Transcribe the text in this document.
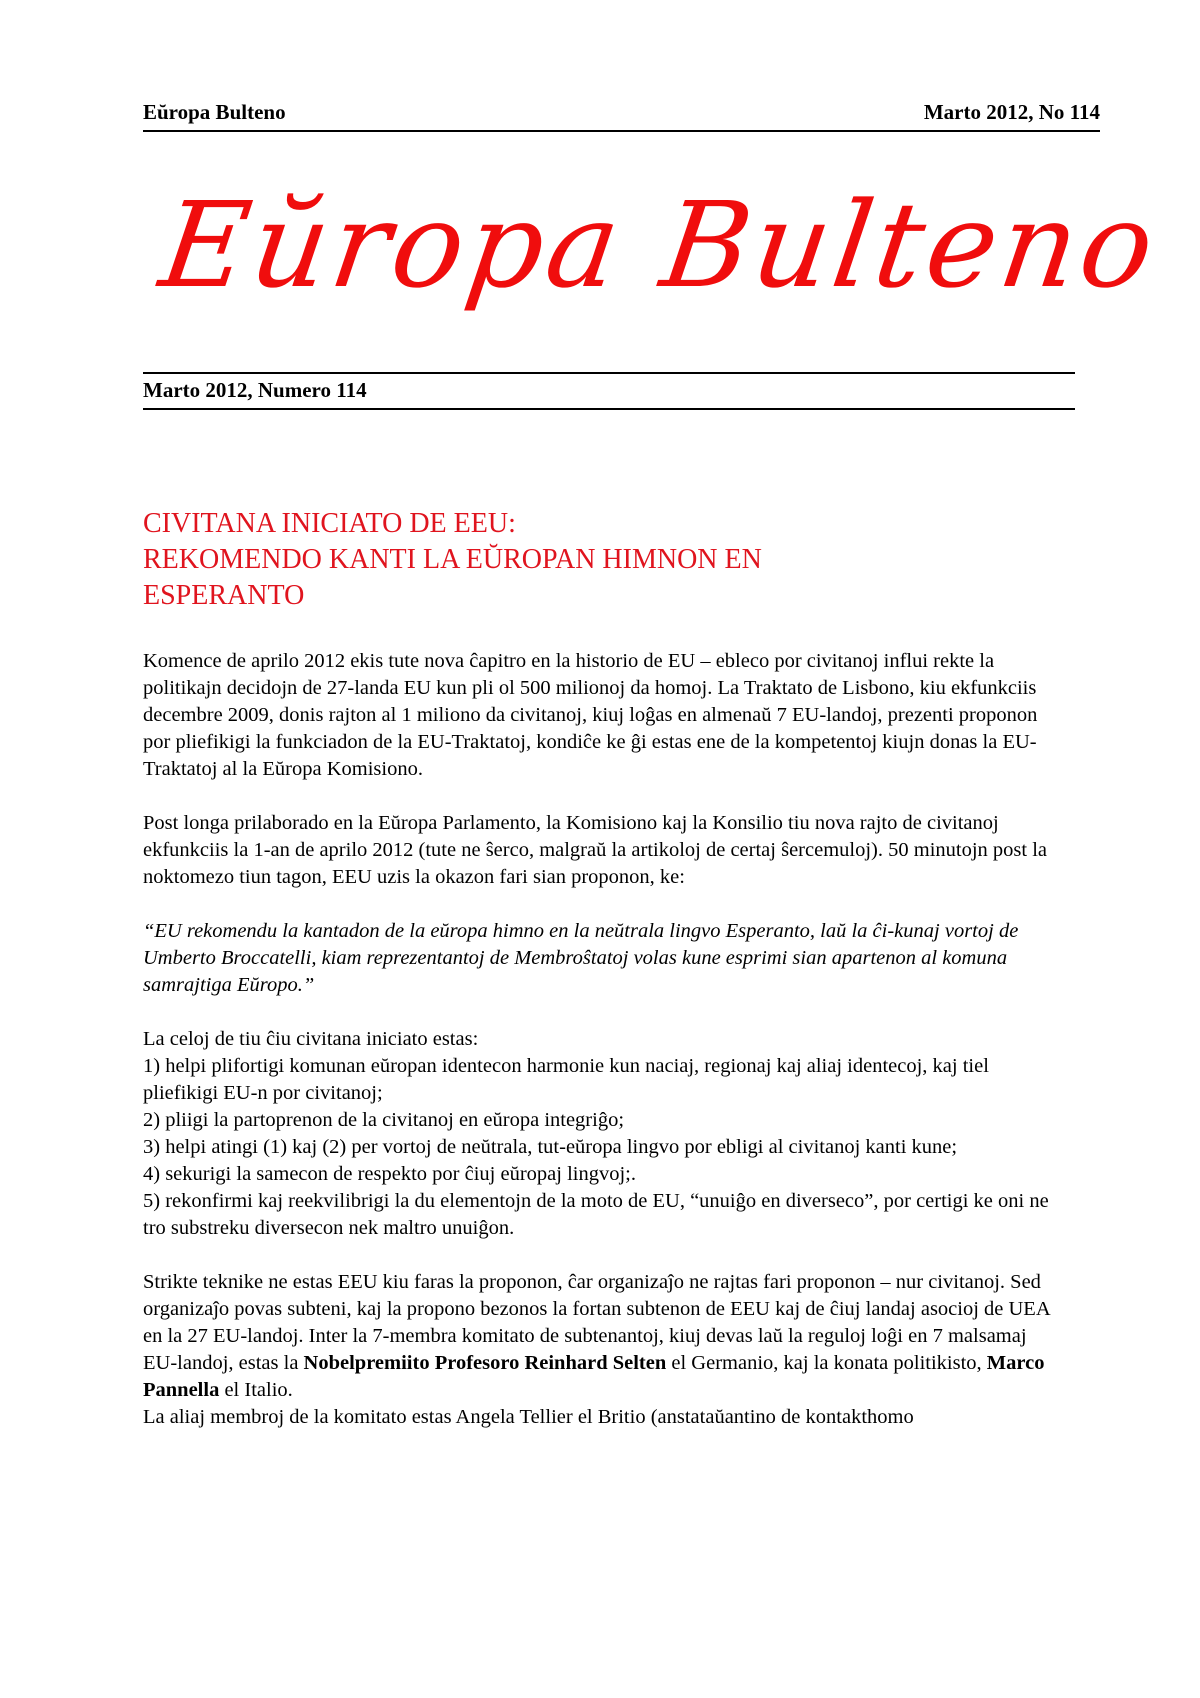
Eŭropa Bulteno	Marto 2012, No 114
Eŭropa Bulteno
Marto 2012, Numero 114
CIVITANA INICIATO DE EEU:
REKOMENDO KANTI LA EŬROPAN HIMNON EN
ESPERANTO

Komence de aprilo 2012 ekis tute nova ĉapitro en la historio de EU – ebleco por civitanoj influi rekte la politikajn decidojn de 27-landa EU kun pli ol 500 milionoj da homoj. La Traktato de Lisbono, kiu ekfunkciis decembre 2009, donis rajton al 1 miliono da civitanoj, kiuj loĝas en almenaŭ 7 EU-landoj, prezenti proponon por pliefikigi la funkciadon de la EU-Traktatoj, kondiĉe ke ĝi estas ene de la kompetentoj kiujn donas la EU-Traktatoj al la Eŭropa Komisiono.

Post longa prilaborado en la Eŭropa Parlamento, la Komisiono kaj la Konsilio tiu nova rajto de civitanoj ekfunkciis la 1-an de aprilo 2012 (tute ne ŝerco, malgraŭ la artikoloj de certaj ŝercemuloj). 50 minutojn post la noktomezo tiun tagon, EEU uzis la okazon fari sian proponon, ke:

“EU rekomendu la kantadon de la eŭropa himno en la neŭtrala lingvo Esperanto, laŭ la ĉi-kunaj vortoj de Umberto Broccatelli, kiam reprezentantoj de Membroŝtatoj volas kune esprimi sian apartenon al komuna samrajtiga Eŭropo.”

La celoj de tiu ĉiu civitana iniciato estas:

1) helpi plifortigi komunan eŭropan identecon harmonie kun naciaj, regionaj kaj aliaj identecoj, kaj tiel pliefikigi EU-n por civitanoj;
2) pliigi la partoprenon de la civitanoj en eŭropa integriĝo;
3) helpi atingi (1) kaj (2) per vortoj de neŭtrala, tut-eŭropa lingvo por ebligi al civitanoj kanti kune;
4) sekurigi la samecon de respekto por ĉiuj eŭropaj lingvoj;.
5) rekonfirmi kaj reekvilibrigi la du elementojn de la moto de EU, “unuiĝo en diverseco”, por certigi ke oni ne tro substreku diversecon nek maltro unuiĝon.

Strikte teknike ne estas EEU kiu faras la proponon, ĉar organizaĵo ne rajtas fari proponon – nur civitanoj. Sed organizaĵo povas subteni, kaj la propono bezonos la fortan subtenon de EEU kaj de ĉiuj landaj asocioj de UEA en la 27 EU-landoj. Inter la 7-membra komitato de subtenantoj, kiuj devas laŭ la reguloj loĝi en 7 malsamaj EU-landoj, estas la Nobelpremiito Profesoro Reinhard Selten el Germanio, kaj la konata politikisto, Marco Pannella el Italio.
La aliaj membroj de la komitato estas Angela Tellier el Britio (anstataŭantino de kontakthomo
